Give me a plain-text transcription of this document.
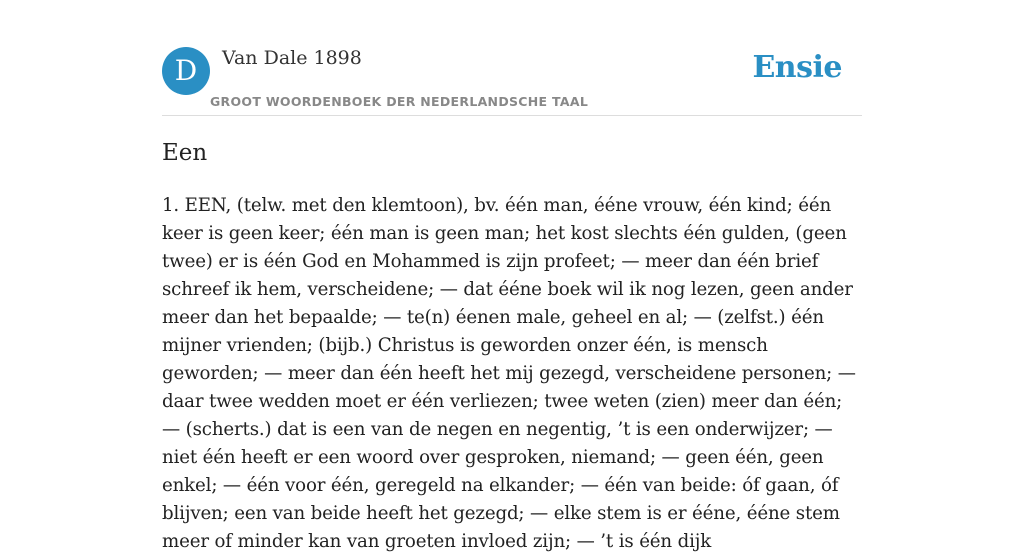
D	Van Dale 1898
GROOT WOORDENBOEK DER NEDERLANDSCHE TAAL
Ensie
Een

1. EEN, (telw. met den klemtoon), bv. één man, ééne vrouw, één kind; één keer is geen keer; één man is geen man; het kost slechts één gulden, (geen twee) er is één God en Mohammed is zijn profeet; — meer dan één brief schreef ik hem, verscheidene; — dat ééne boek wil ik nog lezen, geen ander meer dan het bepaalde; — te(n) éenen male, geheel en al; — (zelfst.) één mijner vrienden; (bijb.) Christus is geworden onzer één, is mensch geworden; — meer dan één heeft het mij gezegd, verscheidene personen; — daar twee wedden moet er één verliezen; twee weten (zien) meer dan één; — (scherts.) dat is een van de negen en negentig, ’t is een onderwijzer; — niet één heeft er een woord over gesproken, niemand; — geen één, geen enkel; — één voor één, geregeld na elkander; — één van beide: óf gaan, óf blijven; een van beide heeft het gezegd; — elke stem is er ééne, ééne stem meer of minder kan van groeten invloed zijn; — ’t is één dijk
